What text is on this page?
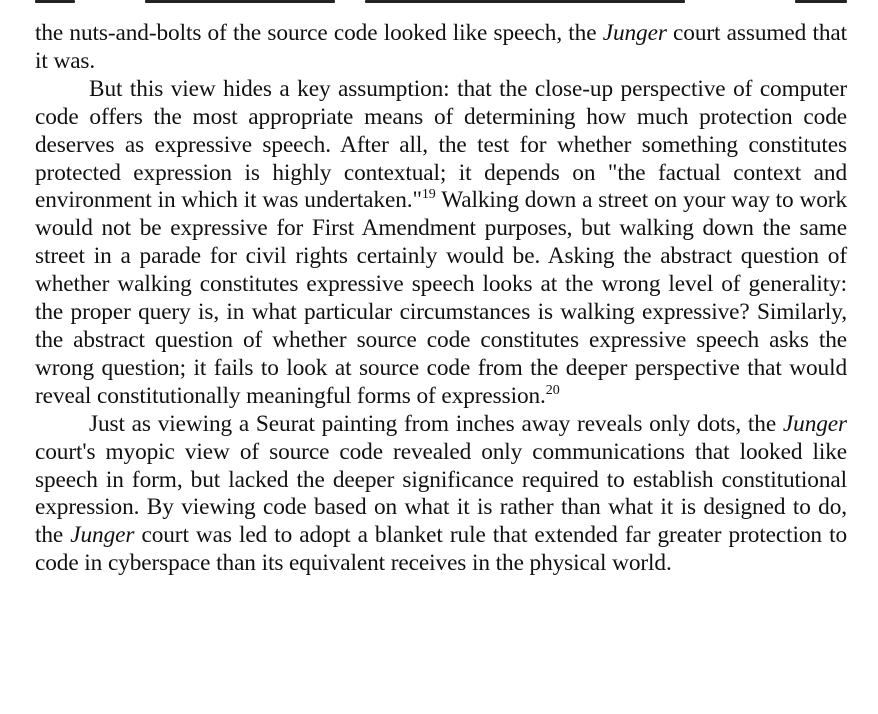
the nuts-and-bolts of the source code looked like speech, the Junger court assumed that it was.

But this view hides a key assumption: that the close-up perspective of computer code offers the most appropriate means of determining how much protection code deserves as expressive speech. After all, the test for whether something constitutes protected expression is highly contextual; it depends on "the factual context and environment in which it was undertaken."$^{19}$ Walking down a street on your way to work would not be expressive for First Amendment purposes, but walking down the same street in a parade for civil rights certainly would be. Asking the abstract question of whether walking constitutes expressive speech looks at the wrong level of generality: the proper query is, in what particular circumstances is walking expressive? Similarly, the abstract question of whether source code constitutes expressive speech asks the wrong question; it fails to look at source code from the deeper perspective that would reveal constitutionally meaningful forms of expression.$^{20}$

Just as viewing a Seurat painting from inches away reveals only dots, the Junger court's myopic view of source code revealed only communications that looked like speech in form, but lacked the deeper significance required to establish constitutional expression. By viewing code based on what it is rather than what it is designed to do, the Junger court was led to adopt a blanket rule that extended far greater protection to code in cyberspace than its equivalent receives in the physical world.
